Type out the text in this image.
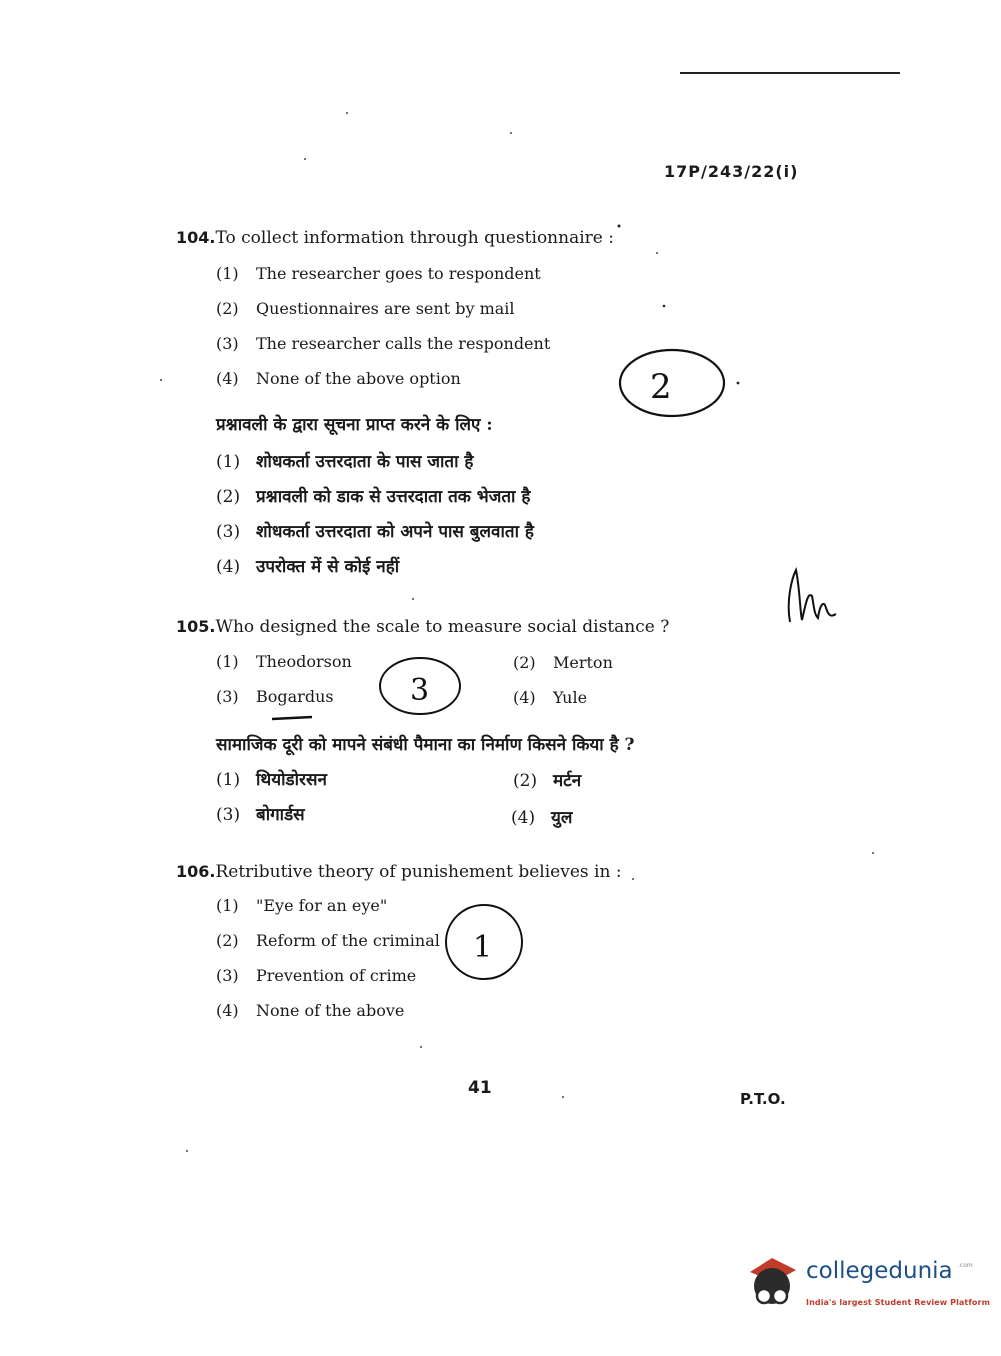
17P/243/22(i)
104.To collect information through questionnaire :
(1) The researcher goes to respondent
(2) Questionnaires are sent by mail
(3) The researcher calls the respondent
(4) None of the above option
प्रश्नावली के द्वारा सूचना प्राप्त करने के लिए :
(1) शोधकर्ता उत्तरदाता के पास जाता है
(2) प्रश्नावली को डाक से उत्तरदाता तक भेजता है
(3) शोधकर्ता उत्तरदाता को अपने पास बुलवाता है
(4) उपरोक्त में से कोई नहीं
105.Who designed the scale to measure social distance ?
(1) Theodorson	(2) Merton
(3) Bogardus	(4) Yule
सामाजिक दूरी को मापने संबंधी पैमाना का निर्माण किसने किया है ?
(1) थियोडोरसन	(2) मर्टन
(3) बोगार्डस	(4) युल
106.Retributive theory of punishement believes in :
(1) "Eye for an eye"
(2) Reform of the criminal
(3) Prevention of crime
(4) None of the above
2
3
1
41
P.T.O.
collegedunia .com
India's largest Student Review Platform
